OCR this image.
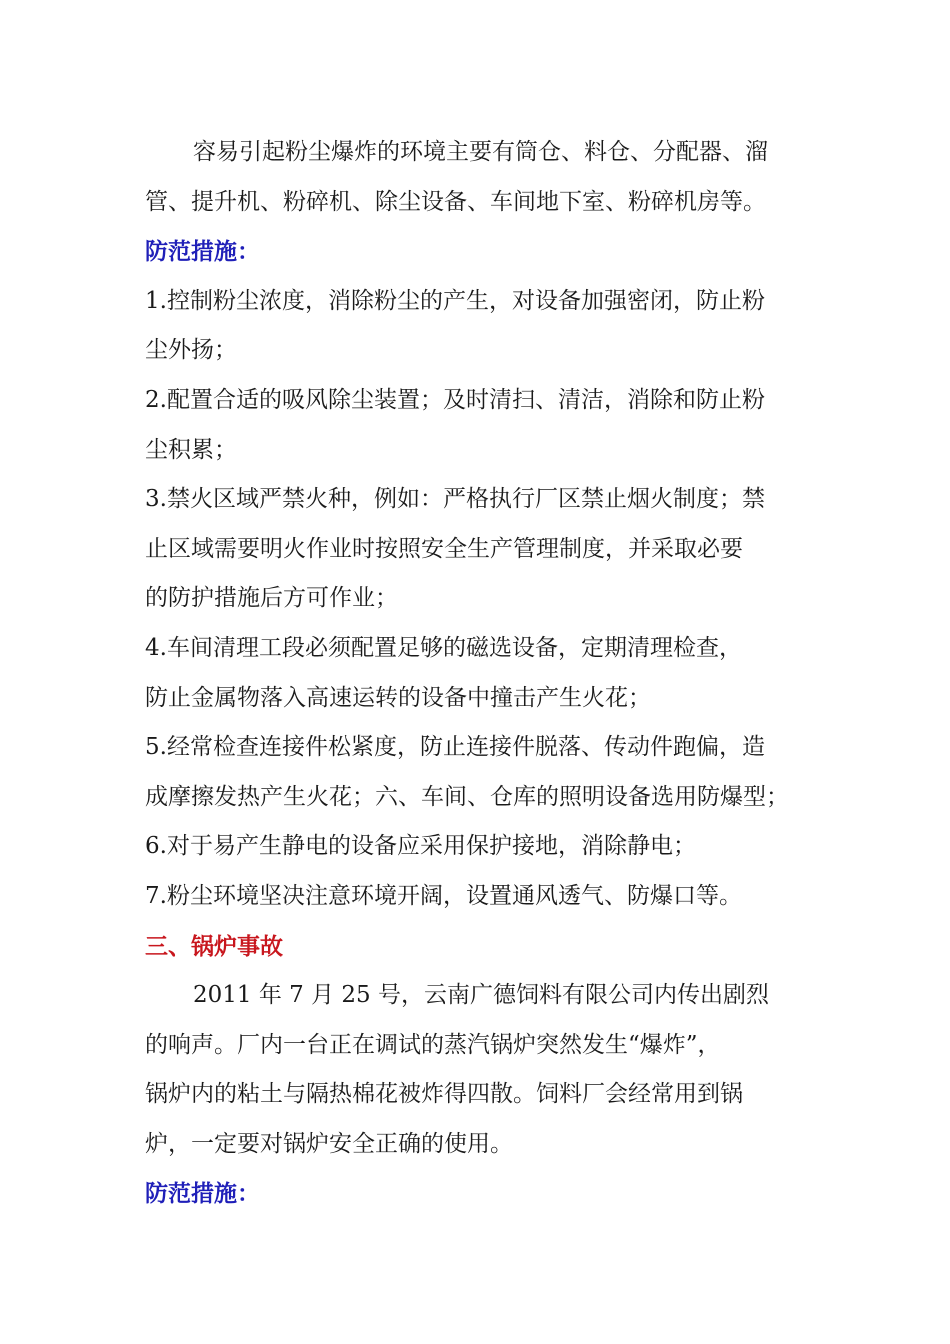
容易引起粉尘爆炸的环境主要有筒仓、料仓、分配器、溜

管、提升机、粉碎机、除尘设备、车间地下室、粉碎机房等。

防范措施：

1.控制粉尘浓度，消除粉尘的产生，对设备加强密闭，防止粉

尘外扬；

2.配置合适的吸风除尘装置；及时清扫、清洁，消除和防止粉

尘积累；

3.禁火区域严禁火种，例如：严格执行厂区禁止烟火制度；禁

止区域需要明火作业时按照安全生产管理制度，并采取必要

的防护措施后方可作业；

4.车间清理工段必须配置足够的磁选设备，定期清理检查，

防止金属物落入高速运转的设备中撞击产生火花；

5.经常检查连接件松紧度，防止连接件脱落、传动件跑偏，造

成摩擦发热产生火花；六、车间、仓库的照明设备选用防爆型；

6.对于易产生静电的设备应采用保护接地，消除静电；

7.粉尘环境坚决注意环境开阔，设置通风透气、防爆口等。

三、锅炉事故

2011 年 7 月 25 号，云南广德饲料有限公司内传出剧烈

的响声。厂内一台正在调试的蒸汽锅炉突然发生“爆炸”，

锅炉内的粘土与隔热棉花被炸得四散。饲料厂会经常用到锅

炉，一定要对锅炉安全正确的使用。

防范措施：
